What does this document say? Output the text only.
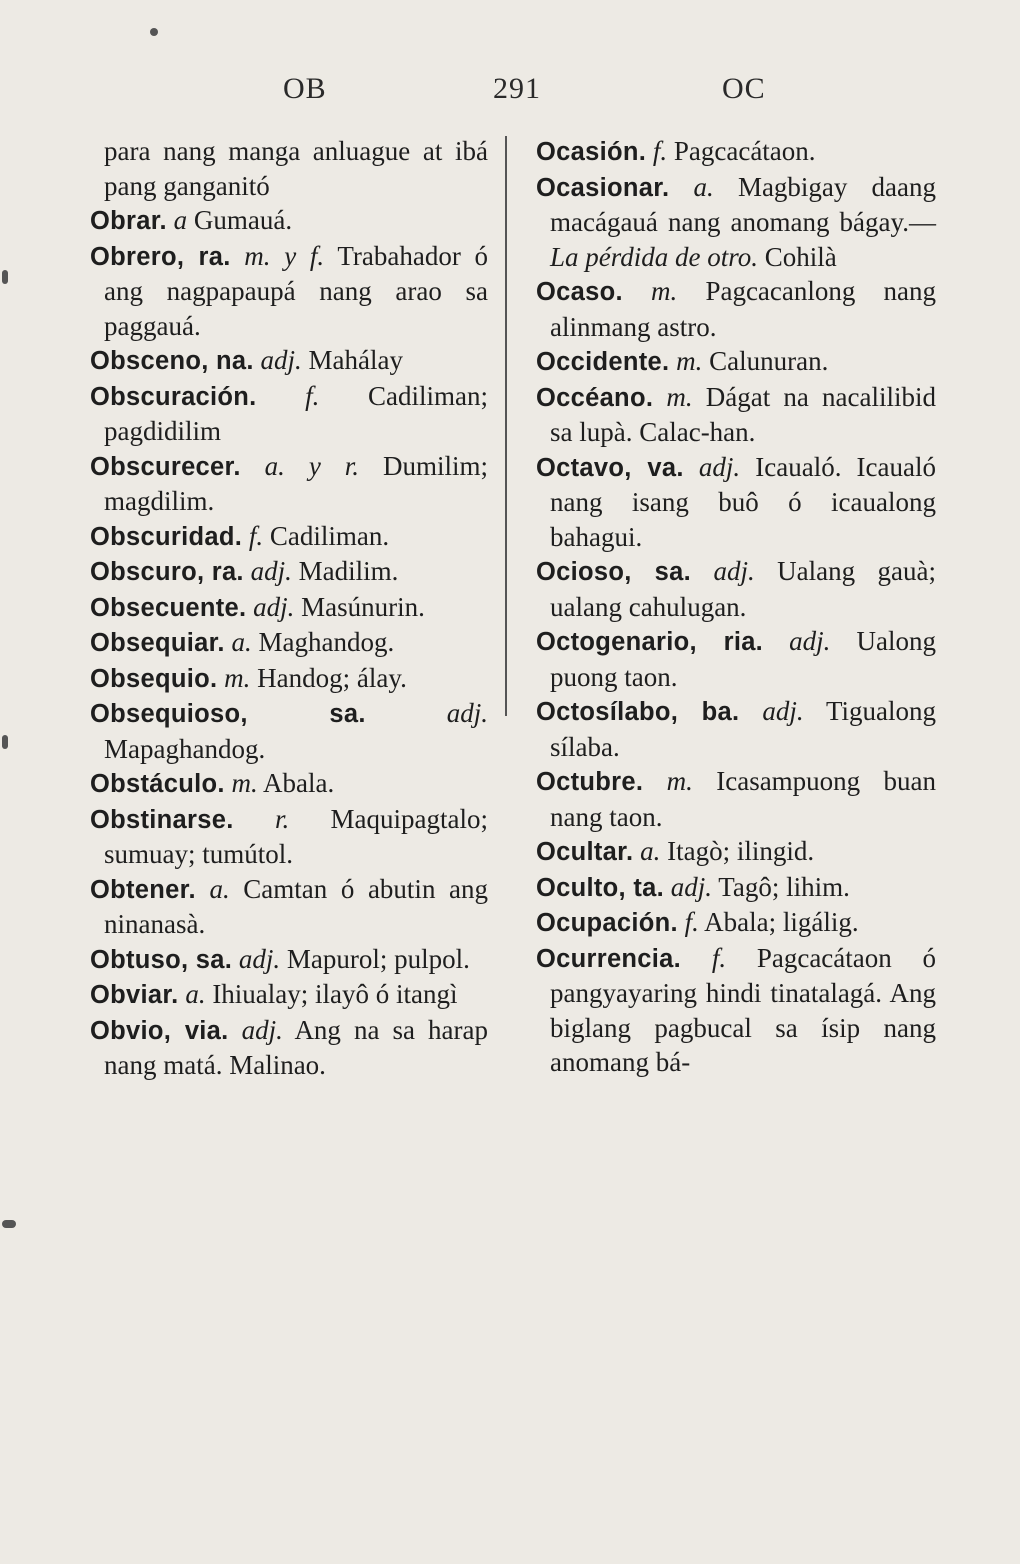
OB	291	OC

para nang manga anluague at ibá pang ganganitó

Obrar. a Gumauá.

Obrero, ra. m. y f. Trabahador ó ang nagpapaupá nang arao sa paggauá.

Obsceno, na. adj. Mahálay

Obscuración. f. Cadiliman; pagdidilim

Obscurecer. a. y r. Dumilim; magdilim.

Obscuridad. f. Cadiliman.

Obscuro, ra. adj. Madilim.

Obsecuente. adj. Masúnurin.

Obsequiar. a. Maghandog.

Obsequio. m. Handog; álay.

Obsequioso, sa.	adj. Mapaghandog.

Obstáculo. m. Abala.

Obstinarse. r. Maquipagtalo; sumuay; tumútol.

Obtener. a. Camtan ó abutin ang ninanasà.

Obtuso, sa. adj. Mapurol; pulpol.

Obviar. a. Ihiualay; ilayô ó itangì

Obvio, via. adj. Ang na sa harap nang matá. Malinao.

Ocasión. f. Pagcacátaon.

Ocasionar. a. Magbigay daang macágauá nang anomang bágay.— La pérdida de otro. Cohilà

Ocaso. m. Pagcacanlong nang alinmang astro.

Occidente. m. Calunuran.

Occéano. m. Dágat na nacalilibid sa lupà. Calac-han.

Octavo, va. adj. Icaualó. Icaualó nang isang buô ó icaualong bahagui.

Ocioso, sa. adj. Ualang gauà; ualang cahulugan.

Octogenario, ria. adj. Ualong puong taon.

Octosílabo, ba. adj. Tigualong sílaba.

Octubre. m. Icasampuong buan nang taon.

Ocultar. a. Itagò; ilingid.

Oculto, ta. adj. Tagô; lihim.

Ocupación. f. Abala; ligálig.

Ocurrencia. f. Pagcacátaon ó pangyayaring hindi tinatalagá. Ang biglang pagbucal sa ísip nang anomang bá-
